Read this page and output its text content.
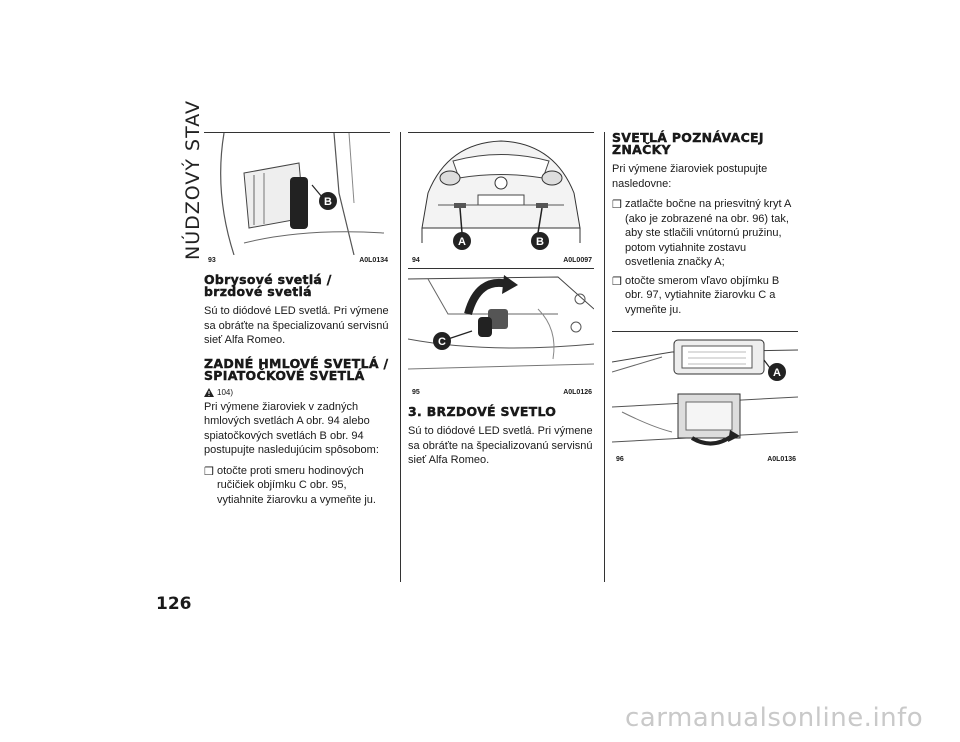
NÚDZOVÝ STAV	B
93	A0L0134
Obrysové svetlá / brzdové svetlá

Sú to diódové LED svetlá. Pri výmene sa obráťte na špecializovanú servisnú sieť Alfa Romeo.

ZADNÉ HMLOVÉ SVETLÁ / SPIATOČKOVÉ SVETLÁ
104)

Pri výmene žiaroviek v zadných hmlových svetlách A obr. 94 alebo spiatočkových svetlách B obr. 94 postupujte nasledujúcim spôsobom:

❒ otočte proti smeru hodinových ručičiek objímku C obr. 95, vytiahnite žiarovku a vymeňte ju.
A	B
94	A0L0097
C
95	A0L0126
3. BRZDOVÉ SVETLO

Sú to diódové LED svetlá. Pri výmene sa obráťte na špecializovanú servisnú sieť Alfa Romeo.

SVETLÁ POZNÁVACEJ ZNAČKY

Pri výmene žiaroviek postupujte nasledovne:

❒ zatlačte bočne na priesvitný kryt A (ako je zobrazené na obr. 96) tak, aby ste stlačili vnútornú pružinu, potom vytiahnite zostavu osvetlenia značky A;
❒ otočte smerom vľavo objímku B obr. 97, vytiahnite žiarovku C a vymeňte ju.
A
96	A0L0136
126
carmanualsonline.info
